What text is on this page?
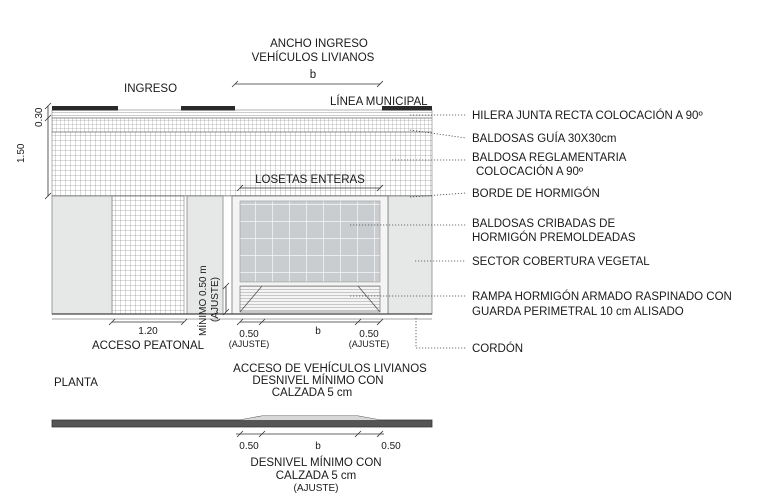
ANCHO INGRESO
VEHÍCULOS LIVIANOS
b
INGRESO
LÍNEA MUNICIPAL
0.30
1.50
HILERA JUNTA RECTA COLOCACIÓN A 90º
BALDOSAS GUÍA 30X30cm
BALDOSA REGLAMENTARIA
COLOCACIÓN A 90º
BORDE DE HORMIGÓN
BALDOSAS CRIBADAS DE
HORMIGÓN PREMOLDEADAS
SECTOR COBERTURA VEGETAL
RAMPA HORMIGÓN ARMADO RASPINADO CON
GUARDA PERIMETRAL 10 cm ALISADO
CORDÓN
LOSETAS ENTERAS
1.20	MÍNIMO 0.50 m (AJUSTE)
0.50
(AJUSTE)
b	0.50
(AJUSTE)
ACCESO PEATONAL
ACCESO DE VEHÍCULOS LIVIANOS
DESNIVEL MÍNIMO CON
CALZADA 5 cm
PLANTA
0.50	b	0.50
DESNIVEL MÍNIMO CON
CALZADA 5 cm
(AJUSTE)
